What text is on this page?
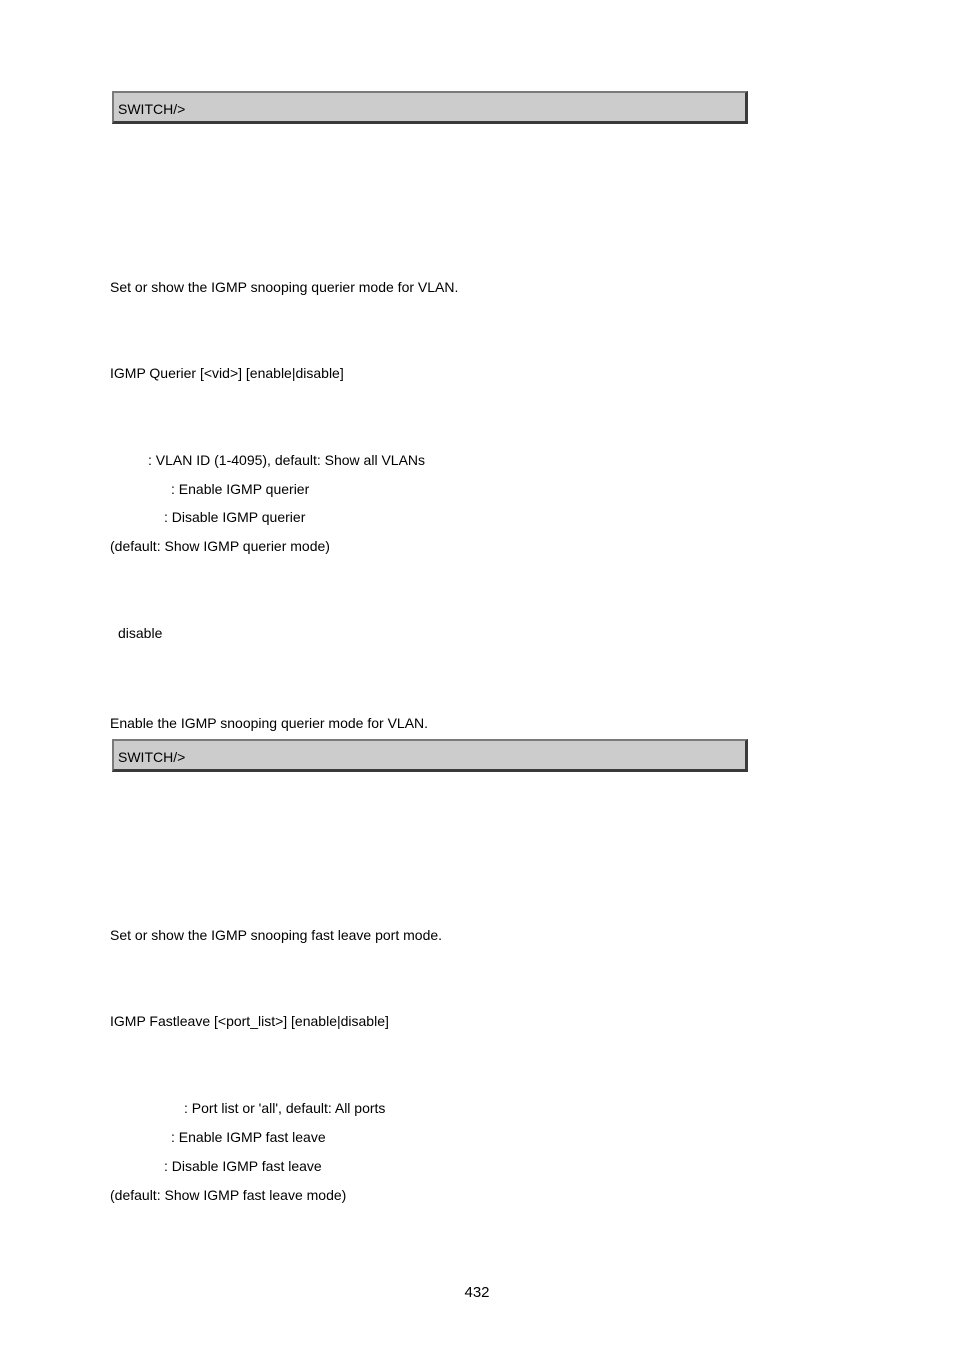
SWITCH/>
Set or show the IGMP snooping querier mode for VLAN.
IGMP Querier [<vid>] [enable|disable]
: VLAN ID (1-4095), default: Show all VLANs
: Enable IGMP querier
: Disable IGMP querier
(default: Show IGMP querier mode)
disable
Enable the IGMP snooping querier mode for VLAN.
SWITCH/>
Set or show the IGMP snooping fast leave port mode.
IGMP Fastleave [<port_list>] [enable|disable]
: Port list or 'all', default: All ports
: Enable IGMP fast leave
: Disable IGMP fast leave
(default: Show IGMP fast leave mode)
432
